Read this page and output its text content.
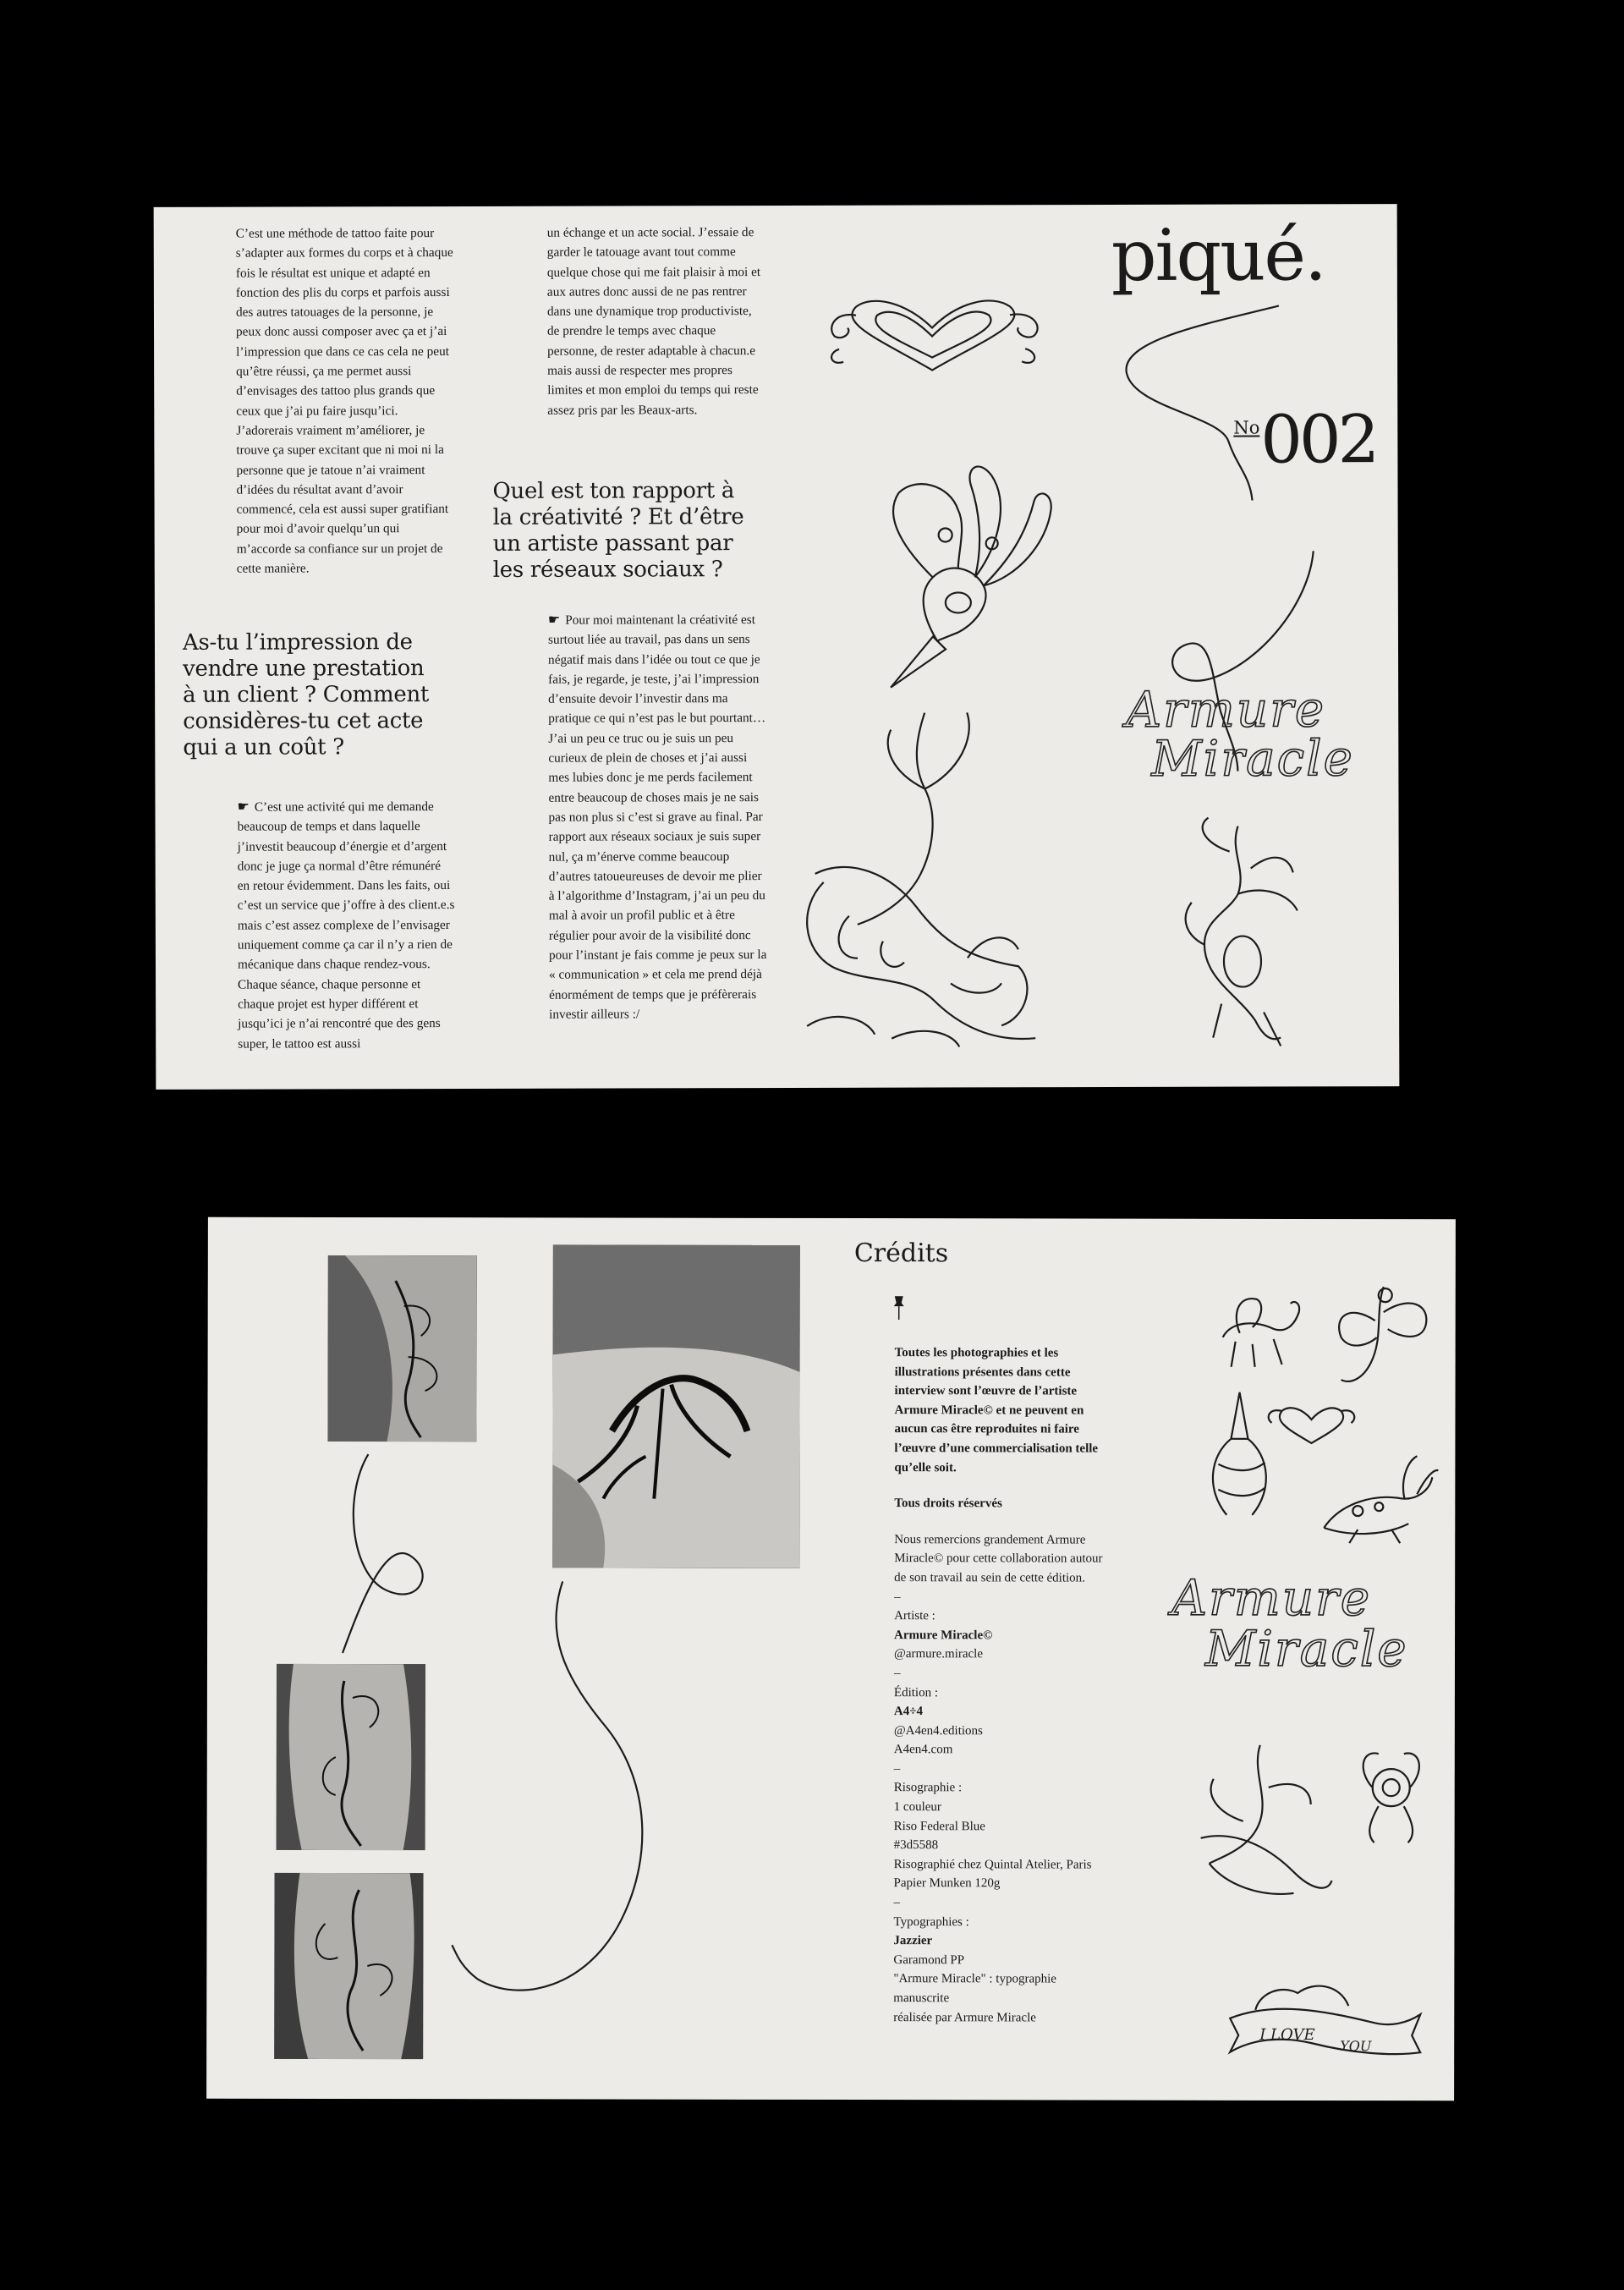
C’est une méthode de tattoo faite pour s’adapter aux formes du corps et à chaque fois le résultat est unique et adapté en fonction des plis du corps et parfois aussi des autres tatouages de la personne, je peux donc aussi composer avec ça et j’ai l’impression que dans ce cas cela ne peut qu’être réussi, ça me permet aussi d’envisages des tattoo plus grands que ceux que j’ai pu faire jusqu’ici. J’adorerais vraiment m’améliorer, je trouve ça super excitant que ni moi ni la personne que je tatoue n’ai vraiment d’idées du résultat avant d’avoir commencé, cela est aussi super gratifiant pour moi d’avoir quelqu’un qui m’accorde sa confiance sur un projet de cette manière.

As-tu l’impression de
vendre une prestation
à un client ? Comment
considères-tu cet acte
qui a un coût ?

☛ C’est une activité qui me demande beaucoup de temps et dans laquelle j’investit beaucoup d’énergie et d’argent donc je juge ça normal d’être rémunéré en retour évidemment. Dans les faits, oui c’est un service que j’offre à des client.e.s mais c’est assez complexe de l’envisager uniquement comme ça car il n’y a rien de mécanique dans chaque rendez-vous. Chaque séance, chaque personne et chaque projet est hyper différent et jusqu’ici je n’ai rencontré que des gens super, le tattoo est aussi

un échange et un acte social. J’essaie de garder le tatouage avant tout comme quelque chose qui me fait plaisir à moi et aux autres donc aussi de ne pas rentrer dans une dynamique trop productiviste, de prendre le temps avec chaque personne, de rester adaptable à chacun.e mais aussi de respecter mes propres limites et mon emploi du temps qui reste assez pris par les Beaux-arts.

Quel est ton rapport à
la créativité ? Et d’être
un artiste passant par
les réseaux sociaux ?

☛ Pour moi maintenant la créativité est surtout liée au travail, pas dans un sens négatif mais dans l’idée ou tout ce que je fais, je regarde, je teste, j’ai l’impression d’ensuite devoir l’investir dans ma pratique ce qui n’est pas le but pourtant… J’ai un peu ce truc ou je suis un peu curieux de plein de choses et j’ai aussi mes lubies donc je me perds facilement entre beaucoup de choses mais je ne sais pas non plus si c’est si grave au final. Par rapport aux réseaux sociaux je suis super nul, ça m’énerve comme beaucoup d’autres tatoueureuses de devoir me plier à l’algorithme d’Instagram, j’ai un peu du mal à avoir un profil public et à être régulier pour avoir de la visibilité donc pour l’instant je fais comme je peux sur la « communication » et cela me prend déjà énormément de temps que je préfèrerais investir ailleurs :/

piqué.
No 002
Armure
Miracle
Crédits

Toutes les photographies et les illustrations présentes dans cette interview sont l’œuvre de l’artiste Armure Miracle© et ne peuvent en aucun cas être reproduites ni faire l’œuvre d’une commercialisation telle qu’elle soit.

Tous droits réservés

Nous remercions grandement Armure Miracle© pour cette collaboration autour de son travail au sein de cette édition.

–
Artiste :
Armure Miracle©
@armure.miracle
–
Édition :
A4÷4
@A4en4.editions
A4en4.com
–
Risographie :
1 couleur
Riso Federal Blue
#3d5588
Risographié chez Quintal Atelier, Paris
Papier Munken 120g
–
Typographies :
Jazzier
Garamond PP
"Armure Miracle" : typographie manuscrite
réalisée par Armure Miracle
Armure
Miracle
I LOVE
YOU
